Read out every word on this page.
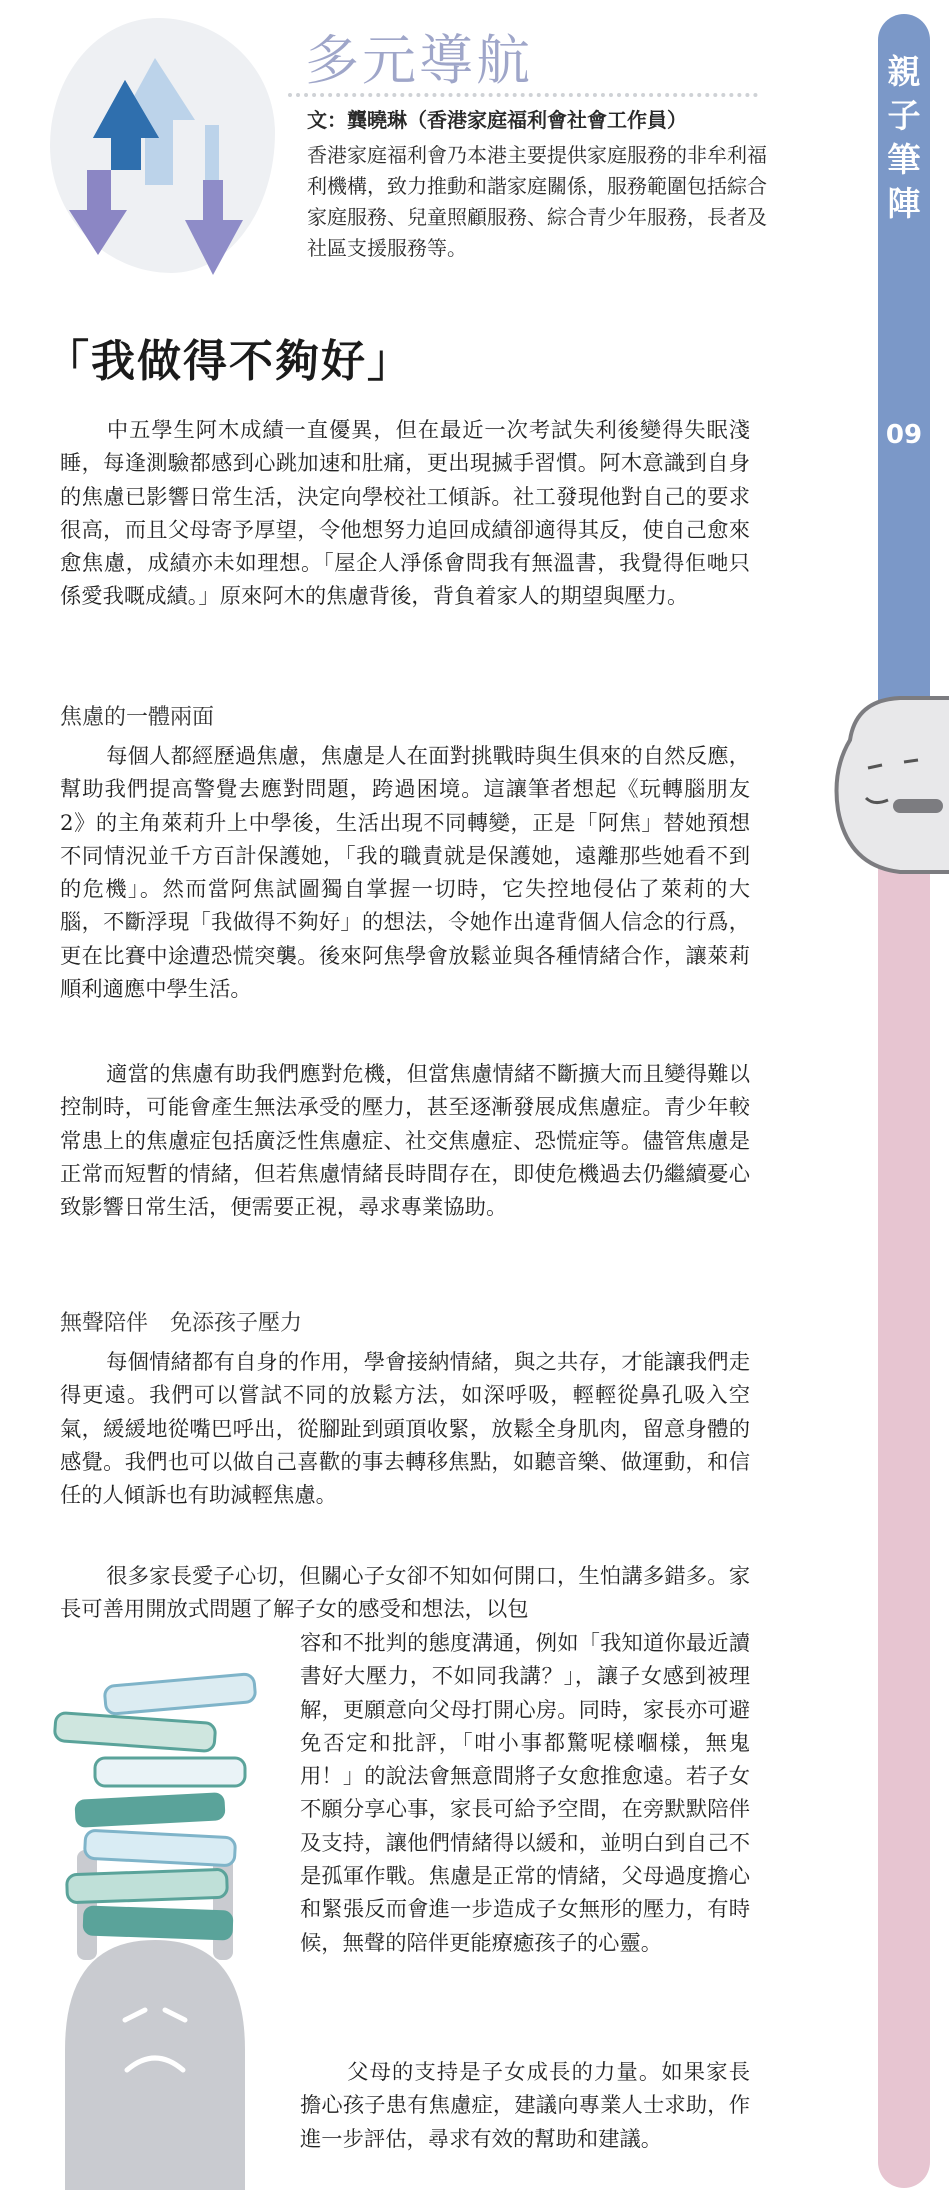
多元導航
文：龔曉琳（香港家庭福利會社會工作員）
香港家庭福利會乃本港主要提供家庭服務的非牟利福利機構，致力推動和諧家庭關係，服務範圍包括綜合家庭服務、兒童照顧服務、綜合青少年服務，長者及社區支援服務等。
親
子
筆
陣
09
「我做得不夠好」
中五學生阿木成績一直優異，但在最近一次考試失利後變得失眠淺睡，每逢測驗都感到心跳加速和肚痛，更出現搣手習慣。阿木意識到自身的焦慮已影響日常生活，決定向學校社工傾訴。社工發現他對自己的要求很高，而且父母寄予厚望，令他想努力追回成績卻適得其反，使自己愈來愈焦慮，成績亦未如理想。「屋企人淨係會問我有無溫書，我覺得佢哋只係愛我嘅成績。」原來阿木的焦慮背後，背負着家人的期望與壓力。
焦慮的一體兩面
每個人都經歷過焦慮，焦慮是人在面對挑戰時與生俱來的自然反應，幫助我們提高警覺去應對問題，跨過困境。這讓筆者想起《玩轉腦朋友 2》的主角萊莉升上中學後，生活出現不同轉變，正是「阿焦」替她預想不同情況並千方百計保護她，「我的職責就是保護她，遠離那些她看不到的危機」。然而當阿焦試圖獨自掌握一切時，它失控地侵佔了萊莉的大腦，不斷浮現「我做得不夠好」的想法，令她作出違背個人信念的行爲，更在比賽中途遭恐慌突襲。後來阿焦學會放鬆並與各種情緒合作，讓萊莉順利適應中學生活。
適當的焦慮有助我們應對危機，但當焦慮情緒不斷擴大而且變得難以控制時，可能會產生無法承受的壓力，甚至逐漸發展成焦慮症。青少年較常患上的焦慮症包括廣泛性焦慮症、社交焦慮症、恐慌症等。儘管焦慮是正常而短暫的情緒，但若焦慮情緒長時間存在，即使危機過去仍繼續憂心致影響日常生活，便需要正視，尋求專業協助。
無聲陪伴　免添孩子壓力
每個情緒都有自身的作用，學會接納情緒，與之共存，才能讓我們走得更遠。我們可以嘗試不同的放鬆方法，如深呼吸，輕輕從鼻孔吸入空氣，緩緩地從嘴巴呼出，從腳趾到頭頂收緊，放鬆全身肌肉，留意身體的感覺。我們也可以做自己喜歡的事去轉移焦點，如聽音樂、做運動，和信任的人傾訴也有助減輕焦慮。
很多家長愛子心切，但關心子女卻不知如何開口，生怕講多錯多。家長可善用開放式問題了解子女的感受和想法，以包
容和不批判的態度溝通，例如「我知道你最近讀書好大壓力，不如同我講？」，讓子女感到被理解，更願意向父母打開心房。同時，家長亦可避免否定和批評，「咁小事都驚呢樣嗰樣，無鬼用！」的說法會無意間將子女愈推愈遠。若子女不願分享心事，家長可給予空間，在旁默默陪伴及支持，讓他們情緒得以緩和，並明白到自己不是孤軍作戰。焦慮是正常的情緒，父母過度擔心和緊張反而會進一步造成子女無形的壓力，有時候，無聲的陪伴更能療癒孩子的心靈。
父母的支持是子女成長的力量。如果家長擔心孩子患有焦慮症，建議向專業人士求助，作進一步評估，尋求有效的幫助和建議。
